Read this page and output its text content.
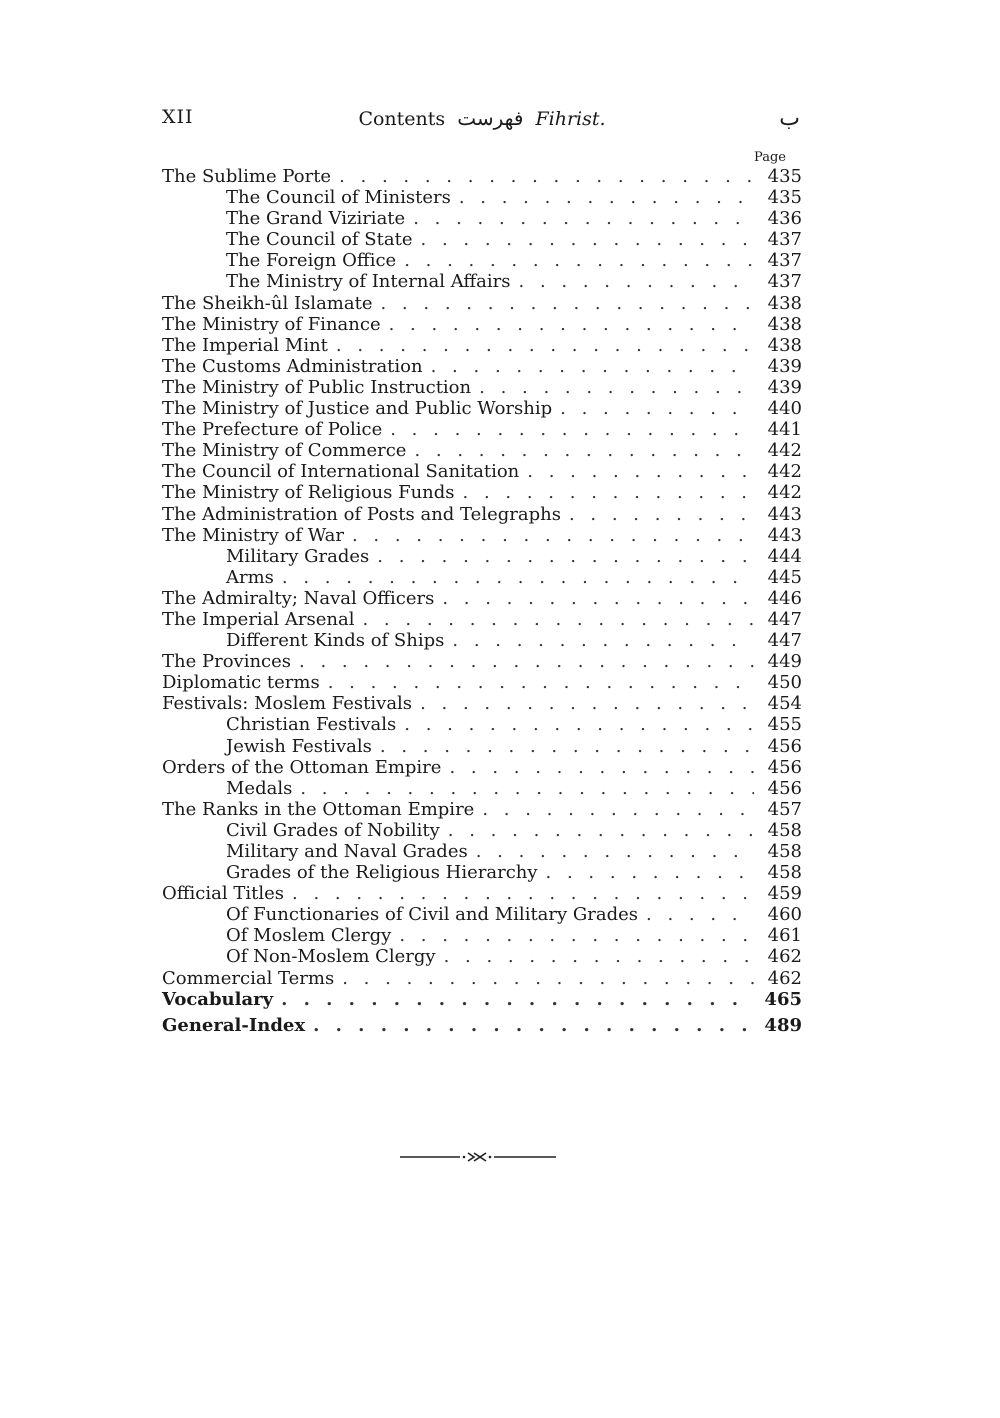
XII	Contents فهرست Fihrist.	ب
Page
The Sublime Porte . . .	435
The Council of Ministers . . .	435
The Grand Viziriate . . .	436
The Council of State . . .	437
The Foreign Office . . .	437
The Ministry of Internal Affairs . . .	437
The Sheikh-ûl Islamate . . .	438
The Ministry of Finance . . .	438
The Imperial Mint . . .	438
The Customs Administration . . .	439
The Ministry of Public Instruction . . .	439
The Ministry of Justice and Public Worship . . .	440
The Prefecture of Police . . .	441
The Ministry of Commerce . . .	442
The Council of International Sanitation . . .	442
The Ministry of Religious Funds . . .	442
The Administration of Posts and Telegraphs . . .	443
The Ministry of War . . .	443
Military Grades . . .	444
Arms . . .	445
The Admiralty; Naval Officers . . .	446
The Imperial Arsenal . . .	447
Different Kinds of Ships . . .	447
The Provinces . . .	449
Diplomatic terms . . .	450
Festivals: Moslem Festivals . . .	454
Christian Festivals . . .	455
Jewish Festivals . . .	456
Orders of the Ottoman Empire . . .	456
Medals . . .	456
The Ranks in the Ottoman Empire . . .	457
Civil Grades of Nobility . . .	458
Military and Naval Grades . . .	458
Grades of the Religious Hierarchy . . .	458
Official Titles . . .	459
Of Functionaries of Civil and Military Grades . . .	460
Of Moslem Clergy . . .	461
Of Non-Moslem Clergy . . .	462
Commercial Terms . . .	462
Vocabulary . . .	465
General-Index . . .	489
